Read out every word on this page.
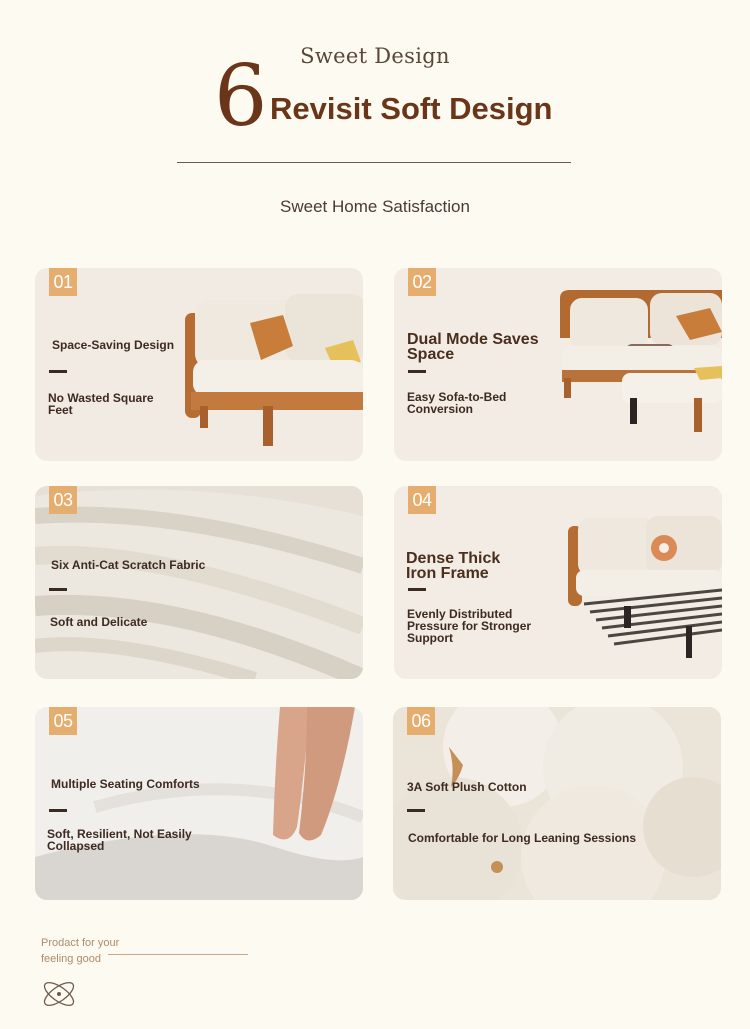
Sweet Design
6 Revisit Soft Design
Sweet Home Satisfaction
01
Space-Saving Design
No Wasted Square Feet
02
Dual Mode Saves Space
Easy Sofa-to-Bed Conversion
03
Six Anti-Cat Scratch Fabric
Soft and Delicate
04
Dense Thick Iron Frame
Evenly Distributed Pressure for Stronger Support
05
Multiple Seating Comforts
Soft, Resilient, Not Easily Collapsed
06
3A Soft Plush Cotton
Comfortable for Long Leaning Sessions
Prodact for your
feeling good
